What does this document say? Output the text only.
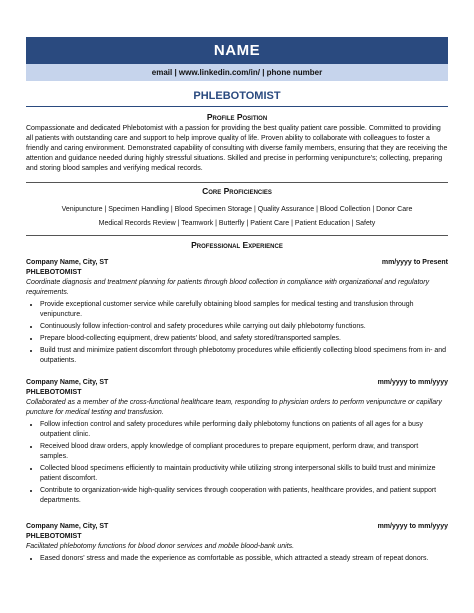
NAME
email | www.linkedin.com/in/ | phone number
PHLEBOTOMIST
Profile Position
Compassionate and dedicated Phlebotomist with a passion for providing the best quality patient care possible. Committed to providing all patients with outstanding care and support to help improve quality of life. Proven ability to collaborate with colleagues to foster a friendly and caring environment. Demonstrated capability of consulting with diverse family members, ensuring that they are receiving the attention and guidance needed during highly stressful situations. Skilled and precise in performing venipuncture's; collecting, preparing and storing blood samples and verifying medical records.
Core Proficiencies
Venipuncture | Specimen Handling | Blood Specimen Storage | Quality Assurance | Blood Collection | Donor Care
Medical Records Review | Teamwork | Butterfly | Patient Care | Patient Education | Safety
Professional Experience
Company Name, City, ST	mm/yyyy to Present
PHLEBOTOMIST
Coordinate diagnosis and treatment planning for patients through blood collection in compliance with organizational and regulatory requirements.
• Provide exceptional customer service while carefully obtaining blood samples for medical testing and transfusion through venipuncture.
• Continuously follow infection-control and safety procedures while carrying out daily phlebotomy functions.
• Prepare blood-collecting equipment, drew patients' blood, and safety stored/transported samples.
• Build trust and minimize patient discomfort through phlebotomy procedures while efficiently collecting blood specimens from in- and outpatients.
Company Name, City, ST	mm/yyyy to mm/yyyy
PHLEBOTOMIST
Collaborated as a member of the cross-functional healthcare team, responding to physician orders to perform venipuncture or capillary puncture for medical testing and transfusion.
• Follow infection control and safety procedures while performing daily phlebotomy functions on patients of all ages for a busy outpatient clinic.
• Received blood draw orders, apply knowledge of compliant procedures to prepare equipment, perform draw, and transport samples.
• Collected blood specimens efficiently to maintain productivity while utilizing strong interpersonal skills to build trust and minimize patient discomfort.
• Contribute to organization-wide high-quality services through cooperation with patients, healthcare provides, and patient support departments.
Company Name, City, ST	mm/yyyy to mm/yyyy
PHLEBOTOMIST
Facilitated phlebotomy functions for blood donor services and mobile blood-bank units.
• Eased donors' stress and made the experience as comfortable as possible, which attracted a steady stream of repeat donors.
